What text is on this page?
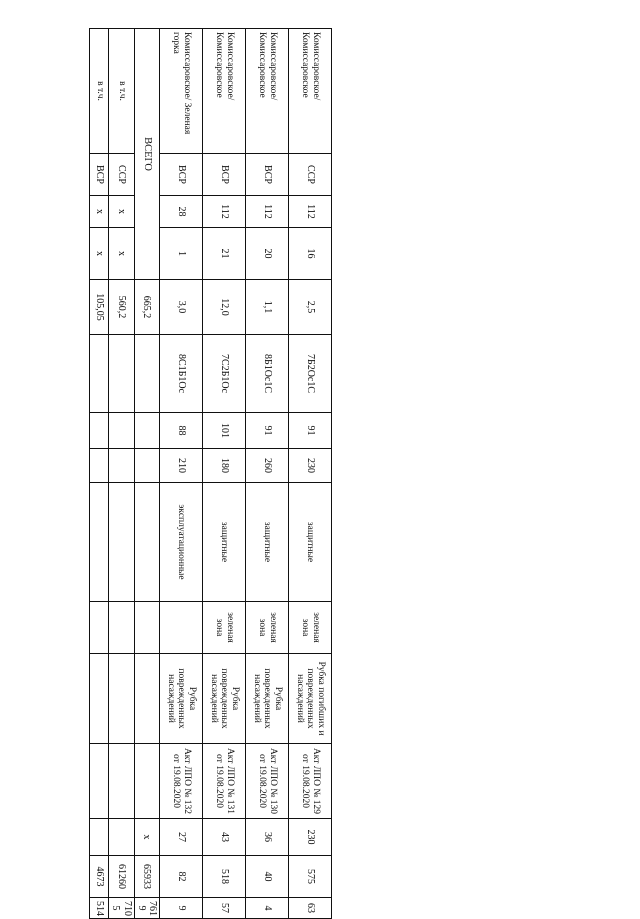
Комиссаровское/ Комиссаровское	ССР	112	16	2,5	7Б2Ос1С	91	230	защитные	зеленая зона	Рубка погибших и поврежденных насаждений	Акт ЛПО № 129 от 19.08.2020	230	575	63
Комиссаровское/ Комиссаровское	ВСР	112	20	1,1	8Б1Ос1С	91	260	защитные	зеленая зона	Рубка поврежденных насаждений	Акт ЛПО № 130 от 19.08.2020	36	40	4
Комиссаровское/ Комиссаровское	ВСР	112	21	12,0	7С2Б1Ос	101	180	защитные	зеленая зона	Рубка поврежденных насаждений	Акт ЛПО № 131 от 19.08.2020	43	518	57
Комиссаровское/ Зеленая горка	ВСР	28	1	3,0	8С1Б1Ос	88	210	эксплуатационные		Рубка поврежденных насаждений	Акт ЛПО № 132 от 19.08.2020	27	82	9
ВСЕГО				665,2								х	65933	761 9
в т.ч.	ССР	х	х	560,2									61260	710 5
в т.ч.	ВСР	х	х	105,05									4673	514
